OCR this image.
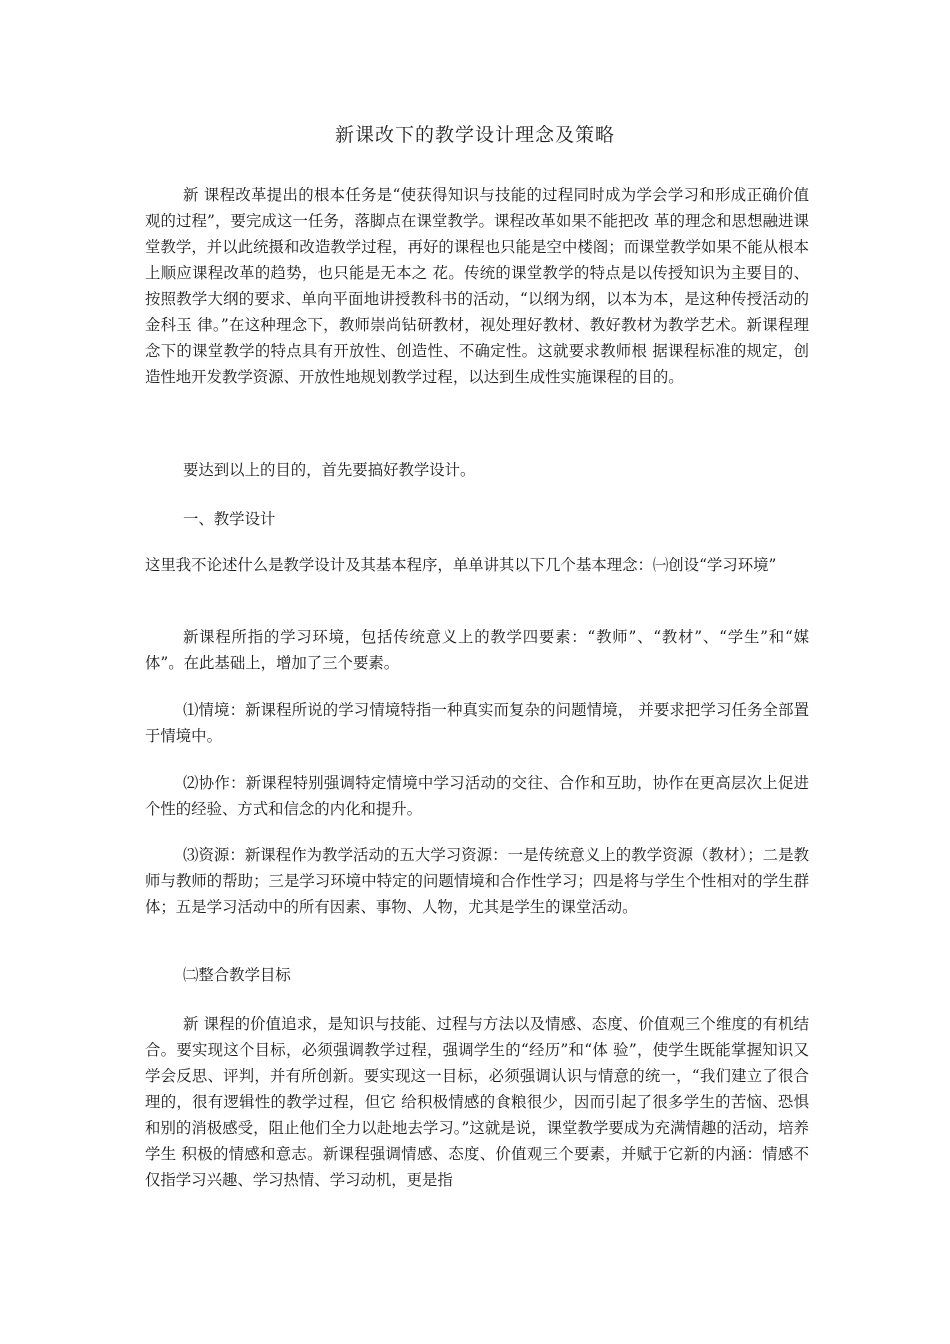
新课改下的教学设计理念及策略

新 课程改革提出的根本任务是“使获得知识与技能的过程同时成为学会学习和形成正确价值观的过程”，要完成这一任务，落脚点在课堂教学。课程改革如果不能把改 革的理念和思想融进课堂教学，并以此统摄和改造教学过程，再好的课程也只能是空中楼阁；而课堂教学如果不能从根本上顺应课程改革的趋势，也只能是无本之 花。传统的课堂教学的特点是以传授知识为主要目的、按照教学大纲的要求、单向平面地讲授教科书的活动，“以纲为纲，以本为本，是这种传授活动的金科玉 律。”在这种理念下，教师崇尚钻研教材，视处理好教材、教好教材为教学艺术。新课程理念下的课堂教学的特点具有开放性、创造性、不确定性。这就要求教师根 据课程标准的规定，创造性地开发教学资源、开放性地规划教学过程，以达到生成性实施课程的目的。

要达到以上的目的，首先要搞好教学设计。

一、教学设计

这里我不论述什么是教学设计及其基本程序，单单讲其以下几个基本理念：㈠创设“学习环境”

新课程所指的学习环境，包括传统意义上的教学四要素：“教师”、“教材”、“学生”和“媒体”。在此基础上，增加了三个要素。

⑴情境：新课程所说的学习情境特指一种真实而复杂的问题情境， 并要求把学习任务全部置于情境中。

⑵协作：新课程特别强调特定情境中学习活动的交往、合作和互助，协作在更高层次上促进个性的经验、方式和信念的内化和提升。

⑶资源：新课程作为教学活动的五大学习资源：一是传统意义上的教学资源（教材）；二是教师与教师的帮助；三是学习环境中特定的问题情境和合作性学习；四是将与学生个性相对的学生群体；五是学习活动中的所有因素、事物、人物，尤其是学生的课堂活动。

㈡整合教学目标

新 课程的价值追求，是知识与技能、过程与方法以及情感、态度、价值观三个维度的有机结合。要实现这个目标，必须强调教学过程，强调学生的“经历”和“体 验”，使学生既能掌握知识又学会反思、评判，并有所创新。要实现这一目标，必须强调认识与情意的统一，“我们建立了很合理的，很有逻辑性的教学过程，但它 给积极情感的食粮很少，因而引起了很多学生的苦恼、恐惧和别的消极感受，阻止他们全力以赴地去学习。”这就是说，课堂教学要成为充满情趣的活动，培养学生 积极的情感和意志。新课程强调情感、态度、价值观三个要素，并赋于它新的内涵：情感不仅指学习兴趣、学习热情、学习动机，更是指
